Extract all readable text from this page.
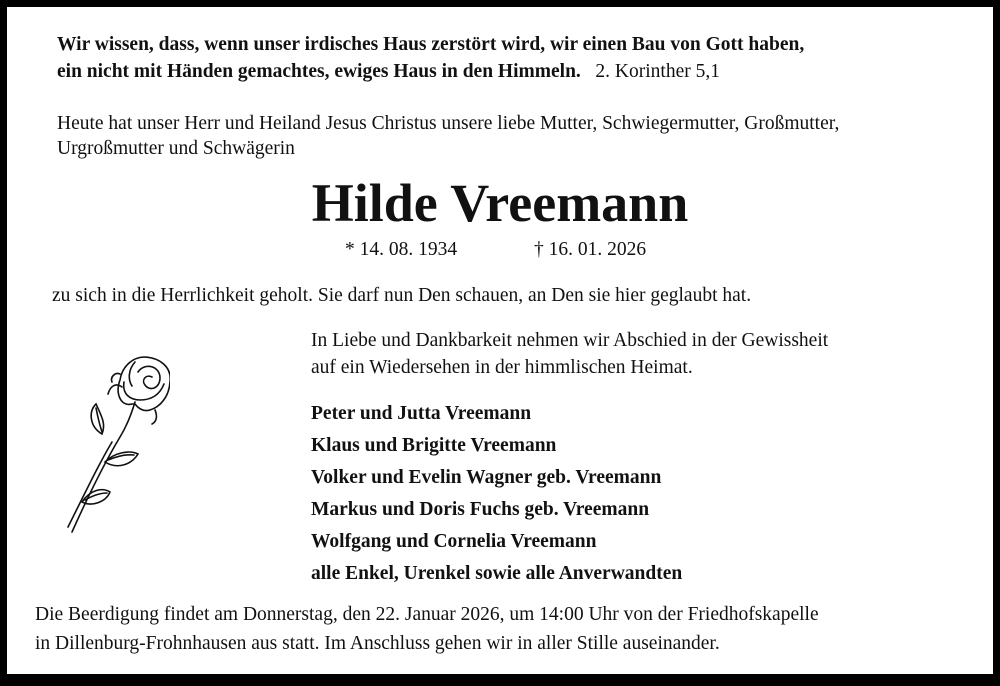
Wir wissen, dass, wenn unser irdisches Haus zerstört wird, wir einen Bau von Gott haben,
ein nicht mit Händen gemachtes, ewiges Haus in den Himmeln. 2. Korinther 5,1
Heute hat unser Herr und Heiland Jesus Christus unsere liebe Mutter, Schwiegermutter, Großmutter,
Urgroßmutter und Schwägerin
Hilde Vreemann
* 14. 08. 1934	† 16. 01. 2026
zu sich in die Herrlichkeit geholt. Sie darf nun Den schauen, an Den sie hier geglaubt hat.
In Liebe und Dankbarkeit nehmen wir Abschied in der Gewissheit
auf ein Wiedersehen in der himmlischen Heimat.
Peter und Jutta Vreemann
Klaus und Brigitte Vreemann
Volker und Evelin Wagner geb. Vreemann
Markus und Doris Fuchs geb. Vreemann
Wolfgang und Cornelia Vreemann
alle Enkel, Urenkel sowie alle Anverwandten
Die Beerdigung findet am Donnerstag, den 22. Januar 2026, um 14:00 Uhr von der Friedhofskapelle
in Dillenburg-Frohnhausen aus statt. Im Anschluss gehen wir in aller Stille auseinander.
